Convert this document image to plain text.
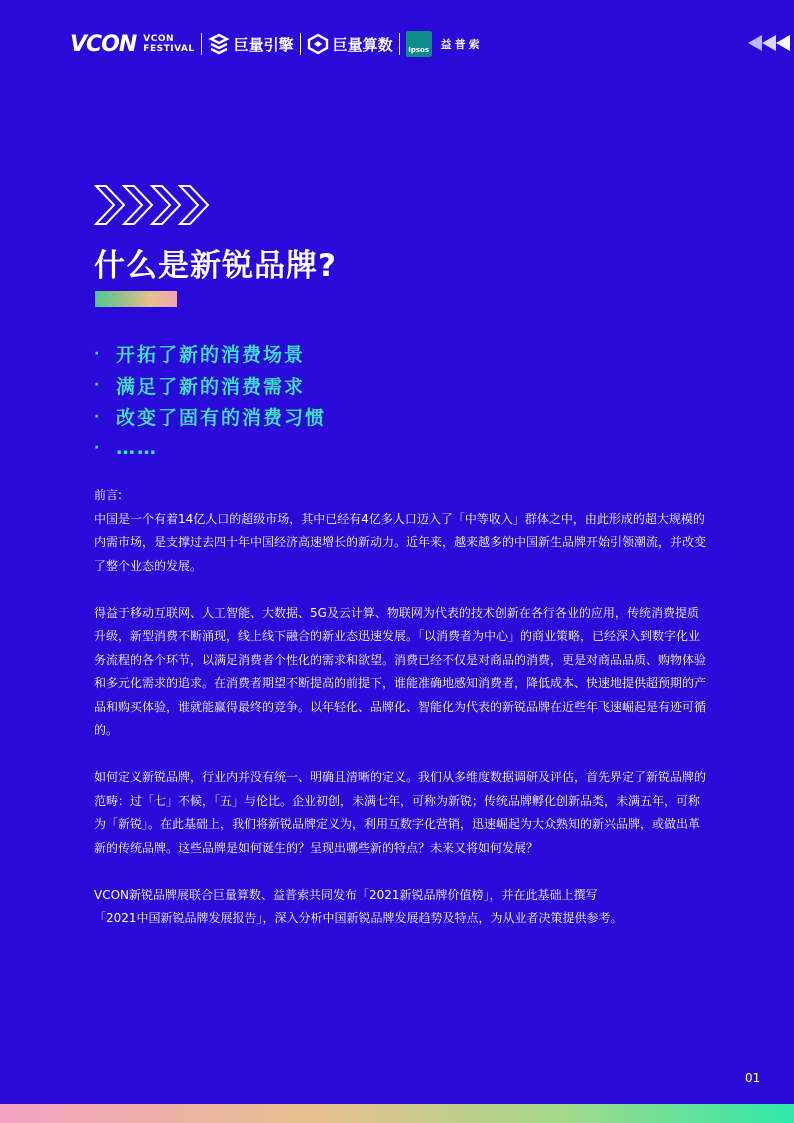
VCON VCON
FESTIVAL	巨量引擎	巨量算数 Ipsos 益普索
什么是新锐品牌?
· 开拓了新的消费场景
· 满足了新的消费需求
· 改变了固有的消费习惯
· ……

前言:

中国是一个有着14亿人口的超级市场，其中已经有4亿多人口迈入了「中等收入」群体之中，由此形成的超大规模的内需市场，是支撑过去四十年中国经济高速增长的新动力。近年来，越来越多的中国新生品牌开始引领潮流，并改变了整个业态的发展。

得益于移动互联网、人工智能、大数据、5G及云计算、物联网为代表的技术创新在各行各业的应用，传统消费提质升级，新型消费不断涌现，线上线下融合的新业态迅速发展。「以消费者为中心」的商业策略，已经深入到数字化业务流程的各个环节，以满足消费者个性化的需求和欲望。消费已经不仅是对商品的消费，更是对商品品质、购物体验和多元化需求的追求。在消费者期望不断提高的前提下，谁能准确地感知消费者，降低成本、快速地提供超预期的产品和购买体验，谁就能赢得最终的竞争。以年轻化、品牌化、智能化为代表的新锐品牌在近些年飞速崛起是有迹可循的。

如何定义新锐品牌，行业内并没有统一、明确且清晰的定义。我们从多维度数据调研及评估，首先界定了新锐品牌的范畴：过「七」不候，「五」与伦比。企业初创，未满七年，可称为新锐；传统品牌孵化创新品类，未满五年，可称为「新锐」。在此基础上，我们将新锐品牌定义为，利用互数字化营销，迅速崛起为大众熟知的新兴品牌，或做出革新的传统品牌。这些品牌是如何诞生的？呈现出哪些新的特点？未来又将如何发展？

VCON新锐品牌展联合巨量算数、益普索共同发布「2021新锐品牌价值榜」，并在此基础上撰写

「2021中国新锐品牌发展报告」，深入分析中国新锐品牌发展趋势及特点，为从业者决策提供参考。

01
